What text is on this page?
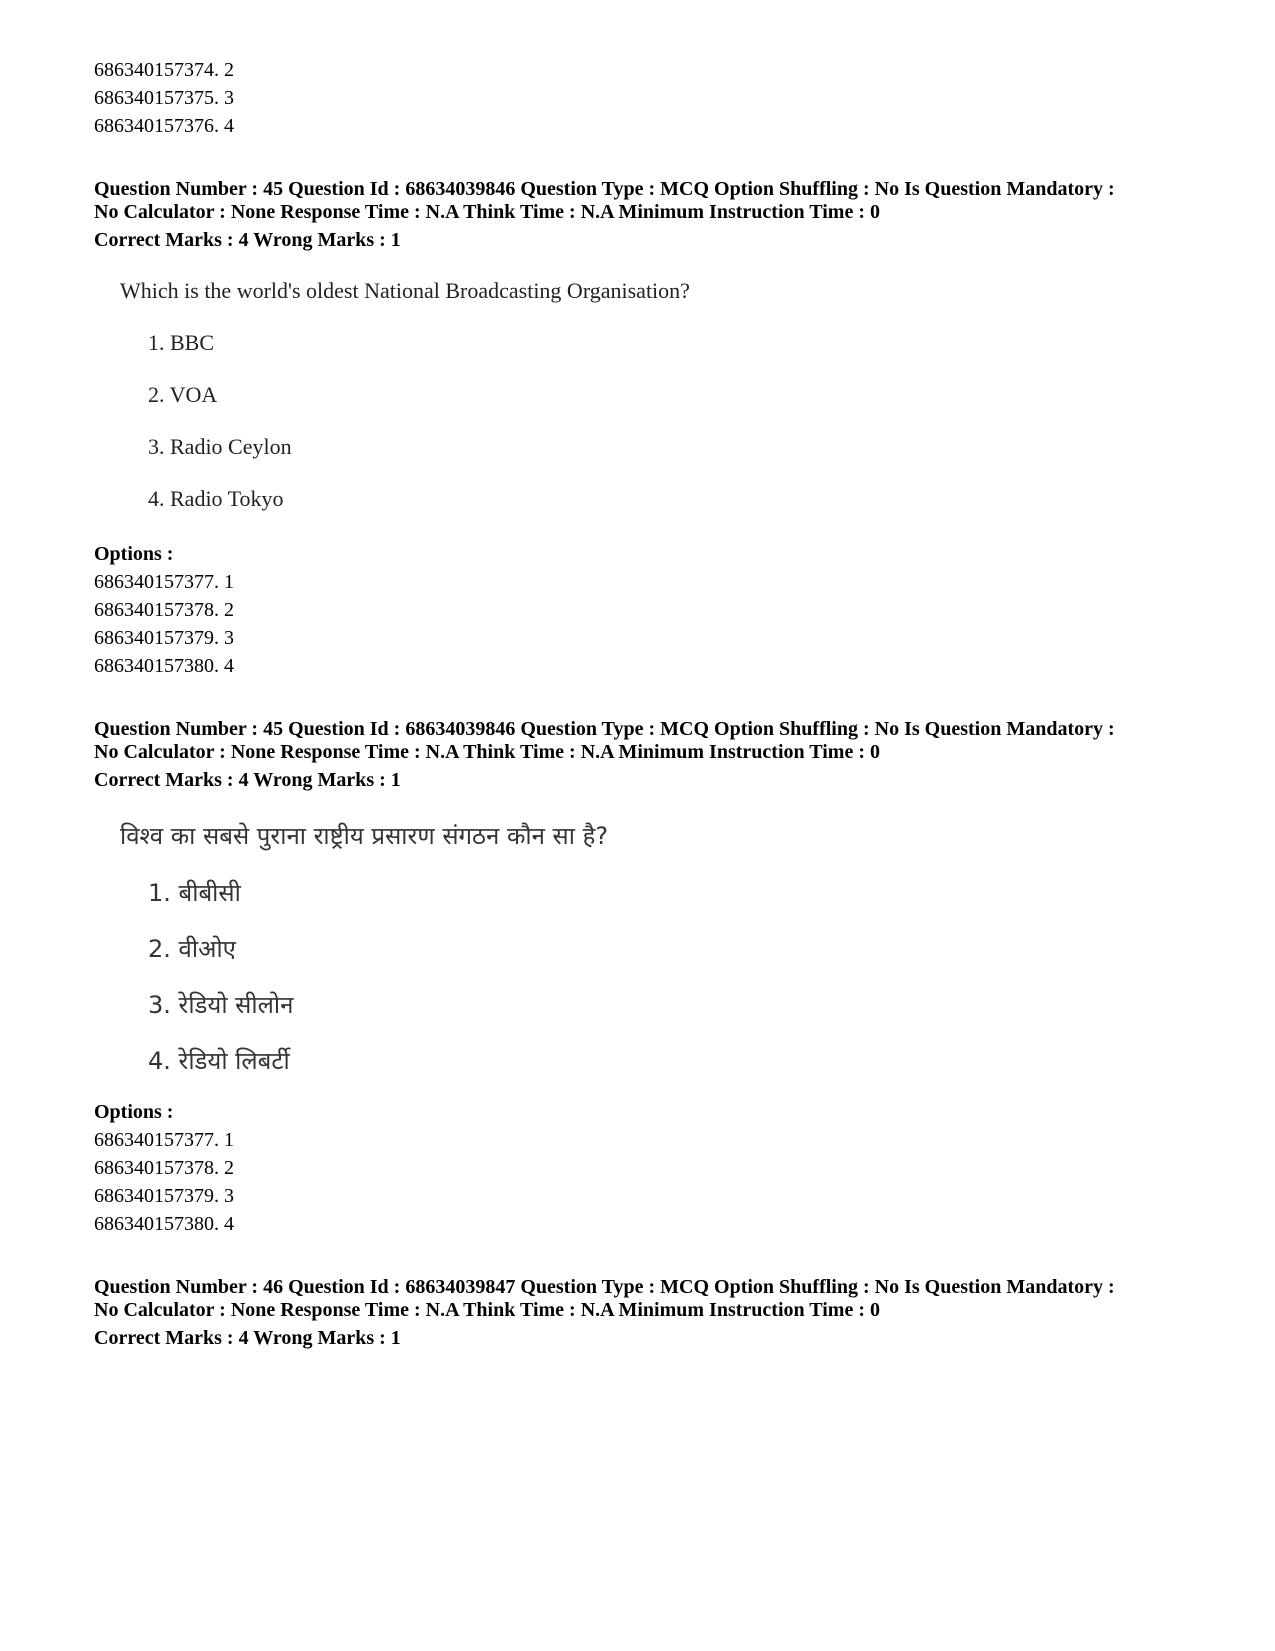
686340157374. 2
686340157375. 3
686340157376. 4
Question Number : 45 Question Id : 68634039846 Question Type : MCQ Option Shuffling : No Is Question Mandatory :
No Calculator : None Response Time : N.A Think Time : N.A Minimum Instruction Time : 0
Correct Marks : 4 Wrong Marks : 1
Which is the world's oldest National Broadcasting Organisation?
1. BBC
2. VOA
3. Radio Ceylon
4. Radio Tokyo
Options :
686340157377. 1
686340157378. 2
686340157379. 3
686340157380. 4
Question Number : 45 Question Id : 68634039846 Question Type : MCQ Option Shuffling : No Is Question Mandatory :
No Calculator : None Response Time : N.A Think Time : N.A Minimum Instruction Time : 0
Correct Marks : 4 Wrong Marks : 1
विश्व का सबसे पुराना राष्ट्रीय प्रसारण संगठन कौन सा है?
1. बीबीसी
2. वीओए
3. रेडियो सीलोन
4. रेडियो लिबर्टी
Options :
686340157377. 1
686340157378. 2
686340157379. 3
686340157380. 4
Question Number : 46 Question Id : 68634039847 Question Type : MCQ Option Shuffling : No Is Question Mandatory :
No Calculator : None Response Time : N.A Think Time : N.A Minimum Instruction Time : 0
Correct Marks : 4 Wrong Marks : 1
